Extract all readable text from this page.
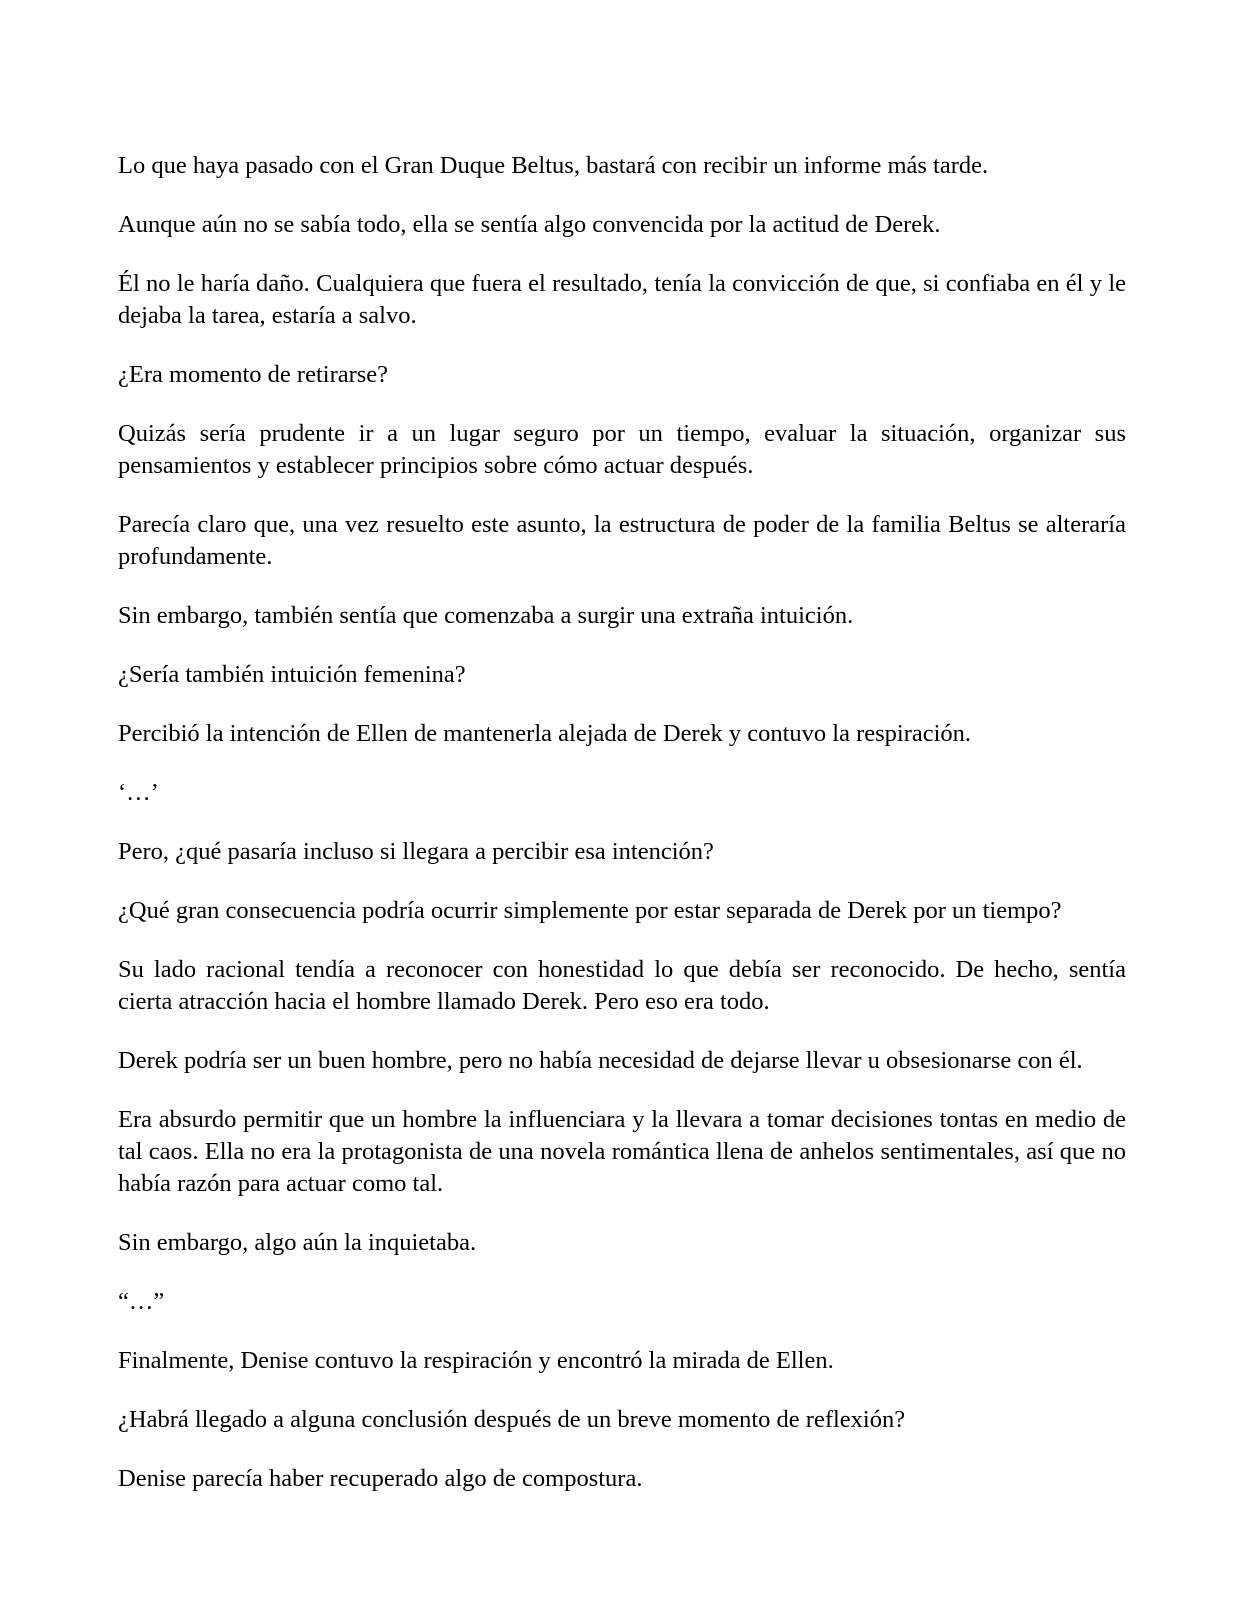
Lo que haya pasado con el Gran Duque Beltus, bastará con recibir un informe más tarde.

Aunque aún no se sabía todo, ella se sentía algo convencida por la actitud de Derek.

Él no le haría daño. Cualquiera que fuera el resultado, tenía la convicción de que, si confiaba en él y le dejaba la tarea, estaría a salvo.

¿Era momento de retirarse?

Quizás sería prudente ir a un lugar seguro por un tiempo, evaluar la situación, organizar sus pensamientos y establecer principios sobre cómo actuar después.

Parecía claro que, una vez resuelto este asunto, la estructura de poder de la familia Beltus se alteraría profundamente.

Sin embargo, también sentía que comenzaba a surgir una extraña intuición.

¿Sería también intuición femenina?

Percibió la intención de Ellen de mantenerla alejada de Derek y contuvo la respiración.

‘…’

Pero, ¿qué pasaría incluso si llegara a percibir esa intención?

¿Qué gran consecuencia podría ocurrir simplemente por estar separada de Derek por un tiempo?

Su lado racional tendía a reconocer con honestidad lo que debía ser reconocido. De hecho, sentía cierta atracción hacia el hombre llamado Derek. Pero eso era todo.

Derek podría ser un buen hombre, pero no había necesidad de dejarse llevar u obsesionarse con él.

Era absurdo permitir que un hombre la influenciara y la llevara a tomar decisiones tontas en medio de tal caos. Ella no era la protagonista de una novela romántica llena de anhelos sentimentales, así que no había razón para actuar como tal.

Sin embargo, algo aún la inquietaba.

“…”

Finalmente, Denise contuvo la respiración y encontró la mirada de Ellen.

¿Habrá llegado a alguna conclusión después de un breve momento de reflexión?

Denise parecía haber recuperado algo de compostura.
